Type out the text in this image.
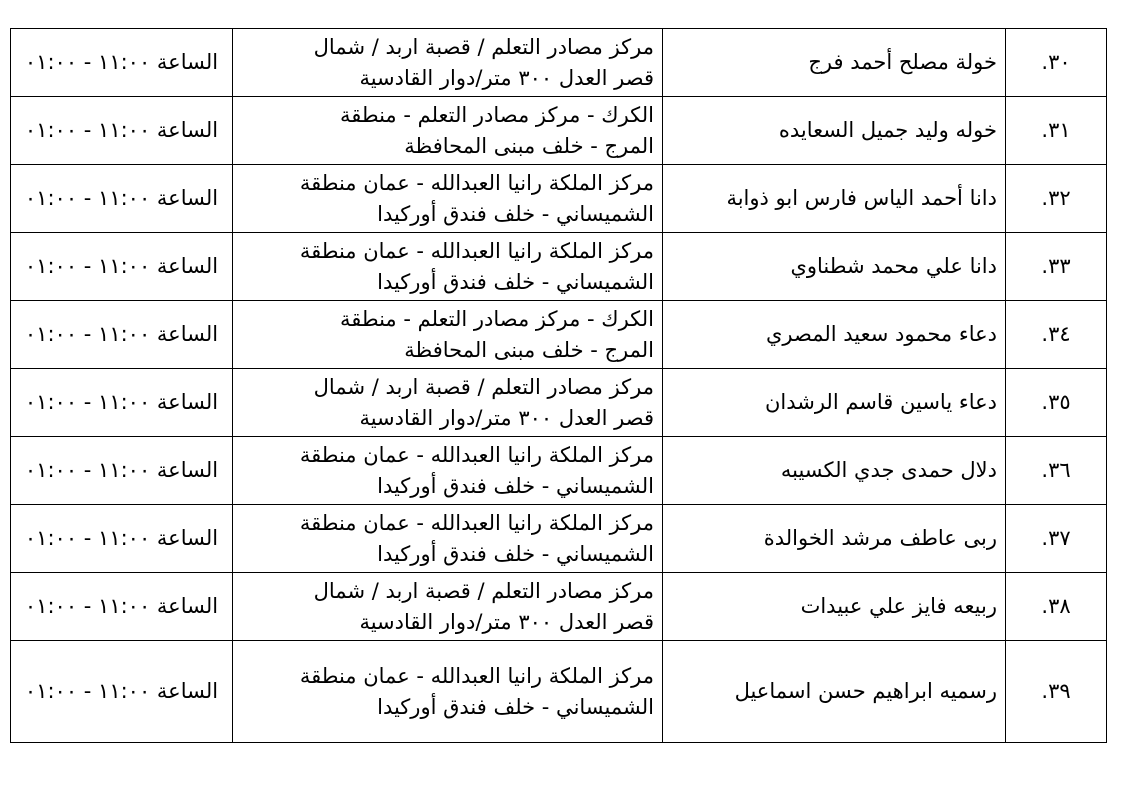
٣٠.	خولة مصلح أحمد فرج	مركز مصادر التعلم / قصبة اربد / شمال
قصر العدل ٣٠٠ متر/دوار القادسية	الساعة ١١:٠٠ - ٠١:٠٠
٣١.	خوله وليد جميل السعايده	الكرك - مركز مصادر التعلم - منطقة
المرج - خلف مبنى المحافظة	الساعة ١١:٠٠ - ٠١:٠٠
٣٢.	دانا أحمد الياس فارس ابو ذوابة	مركز الملكة رانيا العبدالله - عمان منطقة
الشميساني - خلف فندق أوركيدا	الساعة ١١:٠٠ - ٠١:٠٠
٣٣.	دانا علي محمد شطناوي	مركز الملكة رانيا العبدالله - عمان منطقة
الشميساني - خلف فندق أوركيدا	الساعة ١١:٠٠ - ٠١:٠٠
٣٤.	دعاء محمود سعيد المصري	الكرك - مركز مصادر التعلم - منطقة
المرج - خلف مبنى المحافظة	الساعة ١١:٠٠ - ٠١:٠٠
٣٥.	دعاء ياسين قاسم الرشدان	مركز مصادر التعلم / قصبة اربد / شمال
قصر العدل ٣٠٠ متر/دوار القادسية	الساعة ١١:٠٠ - ٠١:٠٠
٣٦.	دلال حمدى جدي الكسيبه	مركز الملكة رانيا العبدالله - عمان منطقة
الشميساني - خلف فندق أوركيدا	الساعة ١١:٠٠ - ٠١:٠٠
٣٧.	ربى عاطف مرشد الخوالدة	مركز الملكة رانيا العبدالله - عمان منطقة
الشميساني - خلف فندق أوركيدا	الساعة ١١:٠٠ - ٠١:٠٠
٣٨.	ربيعه فايز علي عبيدات	مركز مصادر التعلم / قصبة اربد / شمال
قصر العدل ٣٠٠ متر/دوار القادسية	الساعة ١١:٠٠ - ٠١:٠٠
٣٩.	رسميه ابراهيم حسن اسماعيل	مركز الملكة رانيا العبدالله - عمان منطقة
الشميساني - خلف فندق أوركيدا	الساعة ١١:٠٠ - ٠١:٠٠
